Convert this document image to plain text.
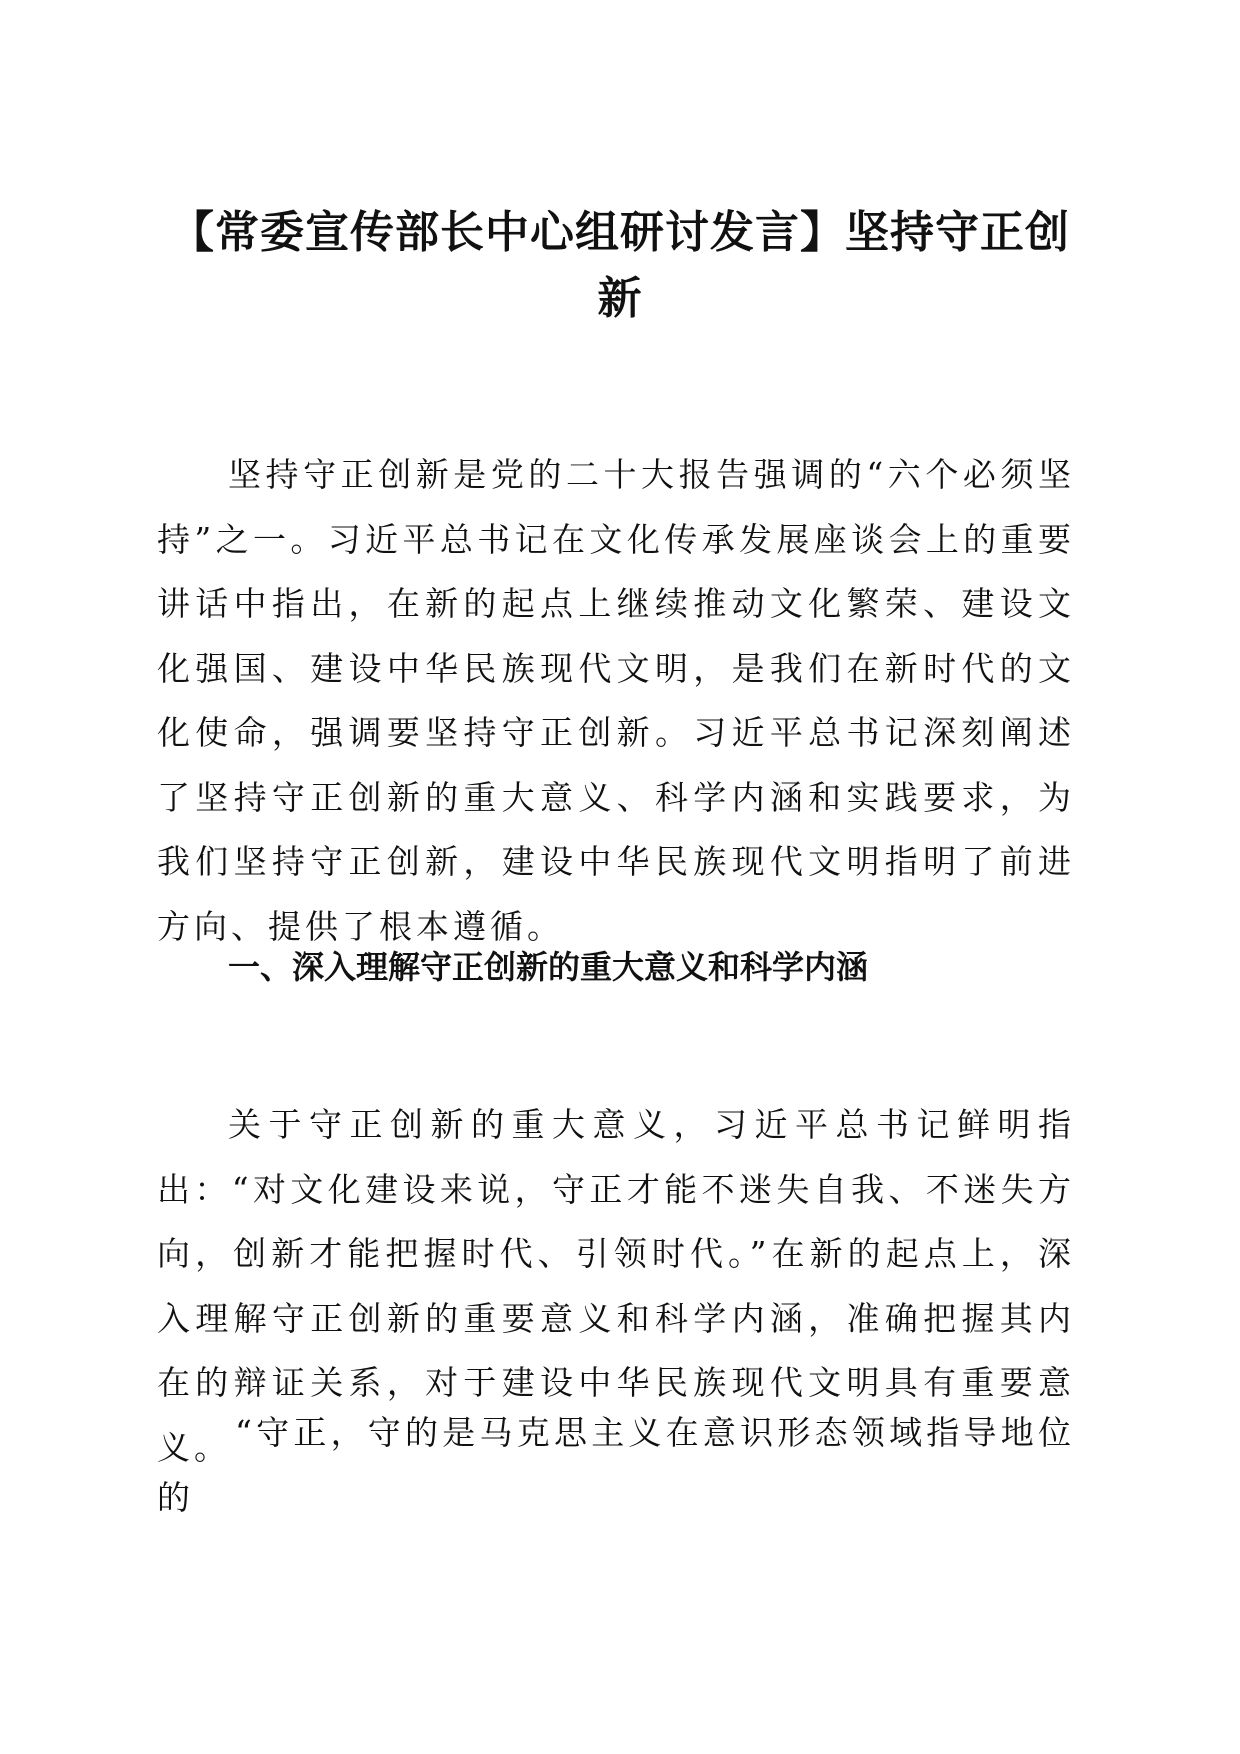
【常委宣传部长中心组研讨发言】坚持守正创新

坚持守正创新是党的二十大报告强调的“六个必须坚持”之一。习近平总书记在文化传承发展座谈会上的重要讲话中指出，在新的起点上继续推动文化繁荣、建设文化强国、建设中华民族现代文明，是我们在新时代的文化使命，强调要坚持守正创新。习近平总书记深刻阐述了坚持守正创新的重大意义、科学内涵和实践要求，为我们坚持守正创新，建设中华民族现代文明指明了前进方向、提供了根本遵循。

一、深入理解守正创新的重大意义和科学内涵

关于守正创新的重大意义，习近平总书记鲜明指出：“对文化建设来说，守正才能不迷失自我、不迷失方向，创新才能把握时代、引领时代。”在新的起点上，深入理解守正创新的重要意义和科学内涵，准确把握其内在的辩证关系，对于建设中华民族现代文明具有重要意义。 “守正，守的是马克思主义在意识形态领域指导地位的
